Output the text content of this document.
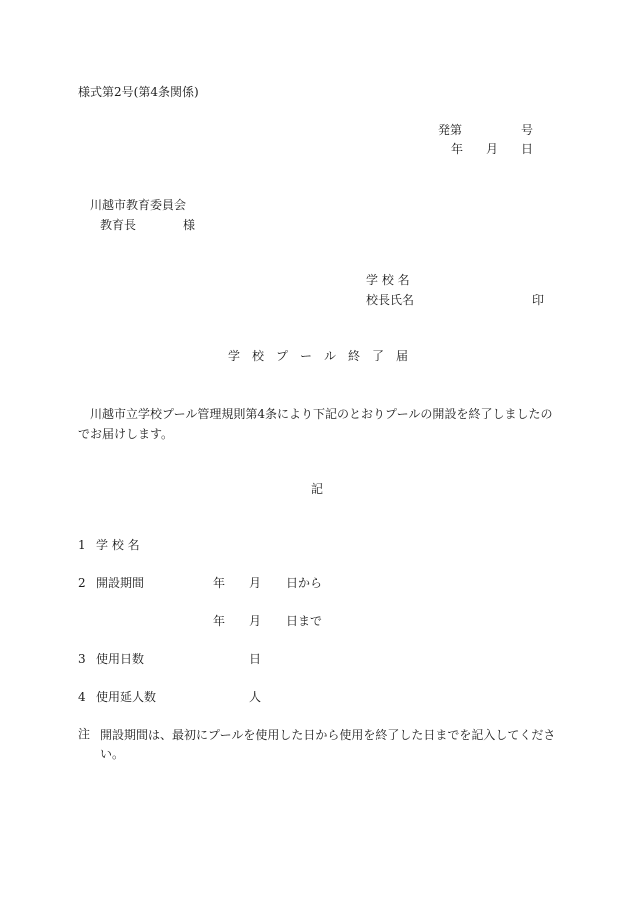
様式第2号(第4条関係)
発第	号
年 月 日
川越市教育委員会
教育長	様
学 校 名
校長氏名	印
学　校　プ　ー　ル　終　了　届
　川越市立学校プール管理規則第4条により下記のとおりプールの開設を終了しましたのでお届けします。
記
1 学 校 名
2 開設期間	年 月 日から
年 月 日まで
3 使用日数	日
4 使用延人数	人
注 開設期間は、最初にプールを使用した日から使用を終了した日までを記入してください。
